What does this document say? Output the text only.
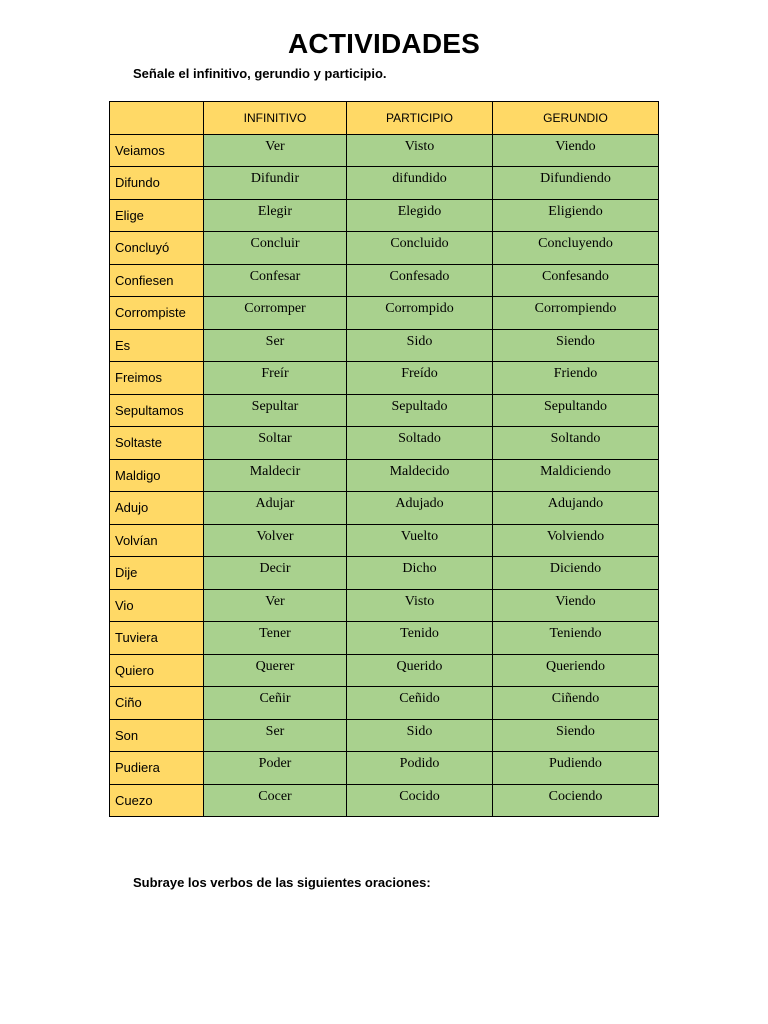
ACTIVIDADES
Señale el infinitivo, gerundio y participio.
	INFINITIVO	PARTICIPIO	GERUNDIO
Veiamos	Ver	Visto	Viendo
Difundo	Difundir	difundido	Difundiendo
Elige	Elegir	Elegido	Eligiendo
Concluyó	Concluir	Concluido	Concluyendo
Confiesen	Confesar	Confesado	Confesando
Corrompiste	Corromper	Corrompido	Corrompiendo
Es	Ser	Sido	Siendo
Freimos	Freír	Freído	Friendo
Sepultamos	Sepultar	Sepultado	Sepultando
Soltaste	Soltar	Soltado	Soltando
Maldigo	Maldecir	Maldecido	Maldiciendo
Adujo	Adujar	Adujado	Adujando
Volvían	Volver	Vuelto	Volviendo
Dije	Decir	Dicho	Diciendo
Vio	Ver	Visto	Viendo
Tuviera	Tener	Tenido	Teniendo
Quiero	Querer	Querido	Queriendo
Ciño	Ceñir	Ceñido	Ciñendo
Son	Ser	Sido	Siendo
Pudiera	Poder	Podido	Pudiendo
Cuezo	Cocer	Cocido	Cociendo
Subraye los verbos de las siguientes oraciones:
